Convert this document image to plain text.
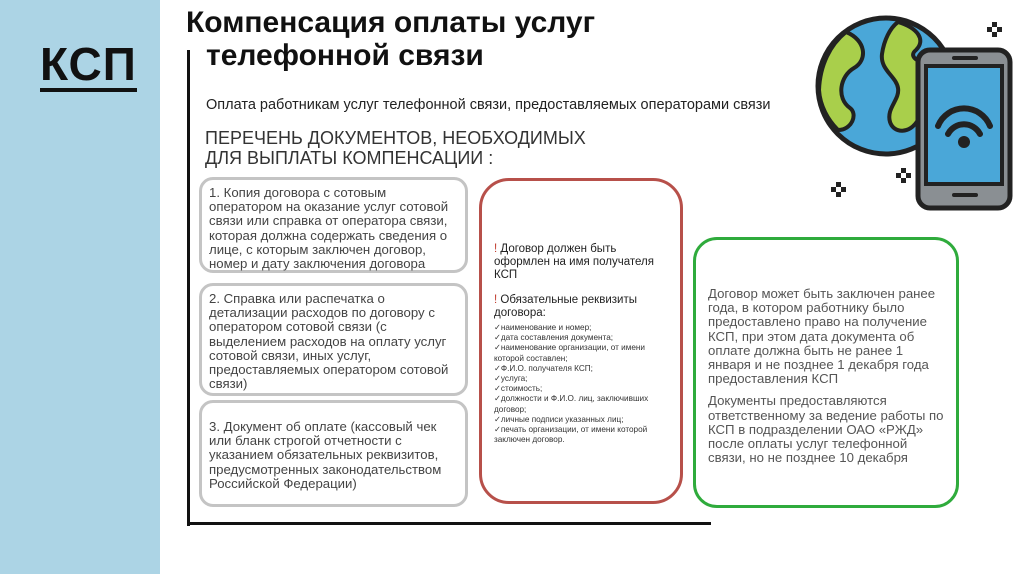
КСП
Компенсация оплаты услуг
телефонной связи
Оплата работникам услуг телефонной связи, предоставляемых операторами связи
ПЕРЕЧЕНЬ ДОКУМЕНТОВ, НЕОБХОДИМЫХ
ДЛЯ ВЫПЛАТЫ КОМПЕНСАЦИИ :
1. Копия договора с сотовым оператором на оказание услуг сотовой связи или справка от оператора связи, которая должна содержать сведения о лице, с которым заключен договор, номер и дату заключения договора
2. Справка или распечатка о детализации расходов по договору с оператором сотовой связи (с выделением расходов на оплату услуг сотовой связи, иных услуг, предоставляемых оператором сотовой связи)
3. Документ об оплате (кассовый чек или бланк строгой отчетности с указанием обязательных реквизитов, предусмотренных законодательством Российской Федерации)
! Договор должен быть оформлен на имя получателя КСП
! Обязательные реквизиты договора:
✓наименование и номер;
✓дата составления документа;
✓наименование организации, от имени которой составлен;
✓Ф.И.О. получателя КСП;
✓услуга;
✓стоимость;
✓должности и Ф.И.О. лиц, заключивших договор;
✓личные подписи указанных лиц;
✓печать организации, от имени которой заключен договор.

Договор может быть заключен ранее года, в котором работнику было предоставлено право на получение КСП, при этом дата документа об оплате должна быть не ранее 1 января и не позднее 1 декабря года предоставления КСП

Документы предоставляются ответственному за ведение работы по КСП в подразделении ОАО «РЖД» после оплаты услуг телефонной связи, но не позднее 10 декабря
